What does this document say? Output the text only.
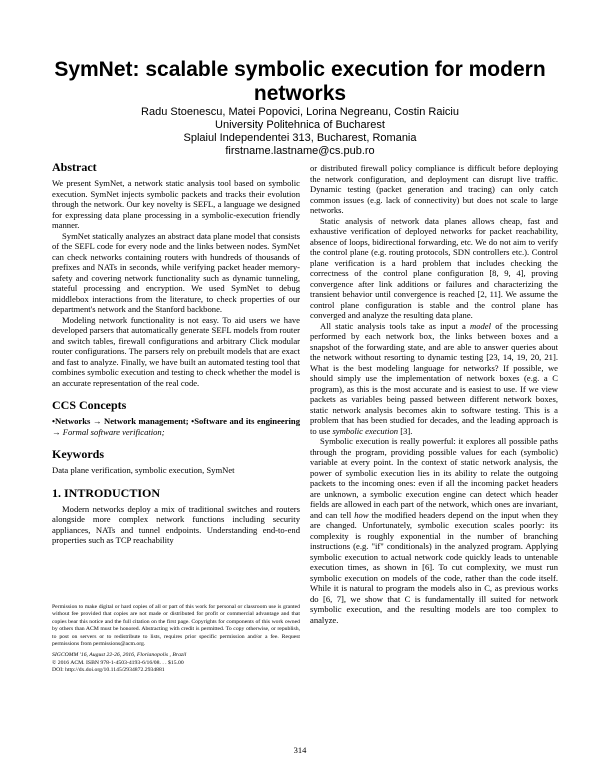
SymNet: scalable symbolic execution for modern networks
Radu Stoenescu, Matei Popovici, Lorina Negreanu, Costin Raiciu
University Politehnica of Bucharest
Splaiul Independentei 313, Bucharest, Romania
firstname.lastname@cs.pub.ro
Abstract

We present SymNet, a network static analysis tool based on symbolic execution. SymNet injects symbolic packets and tracks their evolution through the network. Our key novelty is SEFL, a language we designed for expressing data plane processing in a symbolic-execution friendly manner.

SymNet statically analyzes an abstract data plane model that consists of the SEFL code for every node and the links between nodes. SymNet can check networks containing routers with hundreds of thousands of prefixes and NATs in seconds, while verifying packet header memory-safety and covering network functionality such as dynamic tunneling, stateful processing and encryption. We used SymNet to debug middlebox interactions from the literature, to check properties of our department's network and the Stanford backbone.

Modeling network functionality is not easy. To aid users we have developed parsers that automatically generate SEFL models from router and switch tables, firewall configurations and arbitrary Click modular router configurations. The parsers rely on prebuilt models that are exact and fast to analyze. Finally, we have built an automated testing tool that combines symbolic execution and testing to check whether the model is an accurate representation of the real code.

CCS Concepts

•Networks → Network management; •Software and its engineering → Formal software verification;

Keywords

Data plane verification, symbolic execution, SymNet

1. INTRODUCTION

Modern networks deploy a mix of traditional switches and routers alongside more complex network functions including security appliances, NATs and tunnel endpoints. Understanding end-to-end properties such as TCP reachability

Permission to make digital or hard copies of all or part of this work for personal or classroom use is granted without fee provided that copies are not made or distributed for profit or commercial advantage and that copies bear this notice and the full citation on the first page. Copyrights for components of this work owned by others than ACM must be honored. Abstracting with credit is permitted. To copy otherwise, or republish, to post on servers or to redistribute to lists, requires prior specific permission and/or a fee. Request permissions from permissions@acm.org.

SIGCOMM '16, August 22-26, 2016, Florianopolis , Brazil
© 2016 ACM. ISBN 978-1-4503-4193-6/16/08. . . $15.00
DOI: http://dx.doi.org/10.1145/2934872.2934881

or distributed firewall policy compliance is difficult before deploying the network configuration, and deployment can disrupt live traffic. Dynamic testing (packet generation and tracing) can only catch common issues (e.g. lack of connectivity) but does not scale to large networks.

Static analysis of network data planes allows cheap, fast and exhaustive verification of deployed networks for packet reachability, absence of loops, bidirectional forwarding, etc. We do not aim to verify the control plane (e.g. routing protocols, SDN controllers etc.). Control plane verification is a hard problem that includes checking the correctness of the control plane configuration [8, 9, 4], proving convergence after link additions or failures and characterizing the transient behavior until convergence is reached [2, 11]. We assume the control plane configuration is stable and the control plane has converged and analyze the resulting data plane.

All static analysis tools take as input a model of the processing performed by each network box, the links between boxes and a snapshot of the forwarding state, and are able to answer queries about the network without resorting to dynamic testing [23, 14, 19, 20, 21]. What is the best modeling language for networks? If possible, we should simply use the implementation of network boxes (e.g. a C program), as this is the most accurate and is easiest to use. If we view packets as variables being passed between different network boxes, static network analysis becomes akin to software testing. This is a problem that has been studied for decades, and the leading approach is to use symbolic execution [3].

Symbolic execution is really powerful: it explores all possible paths through the program, providing possible values for each (symbolic) variable at every point. In the context of static network analysis, the power of symbolic execution lies in its ability to relate the outgoing packets to the incoming ones: even if all the incoming packet headers are unknown, a symbolic execution engine can detect which header fields are allowed in each part of the network, which ones are invariant, and can tell how the modified headers depend on the input when they are changed. Unfortunately, symbolic execution scales poorly: its complexity is roughly exponential in the number of branching instructions (e.g. "if" conditionals) in the analyzed program. Applying symbolic execution to actual network code quickly leads to untenable execution times, as shown in [6]. To cut complexity, we must run symbolic execution on models of the code, rather than the code itself. While it is natural to program the models also in C, as previous works do [6, 7], we show that C is fundamentally ill suited for network symbolic execution, and the resulting models are too complex to analyze.

314
